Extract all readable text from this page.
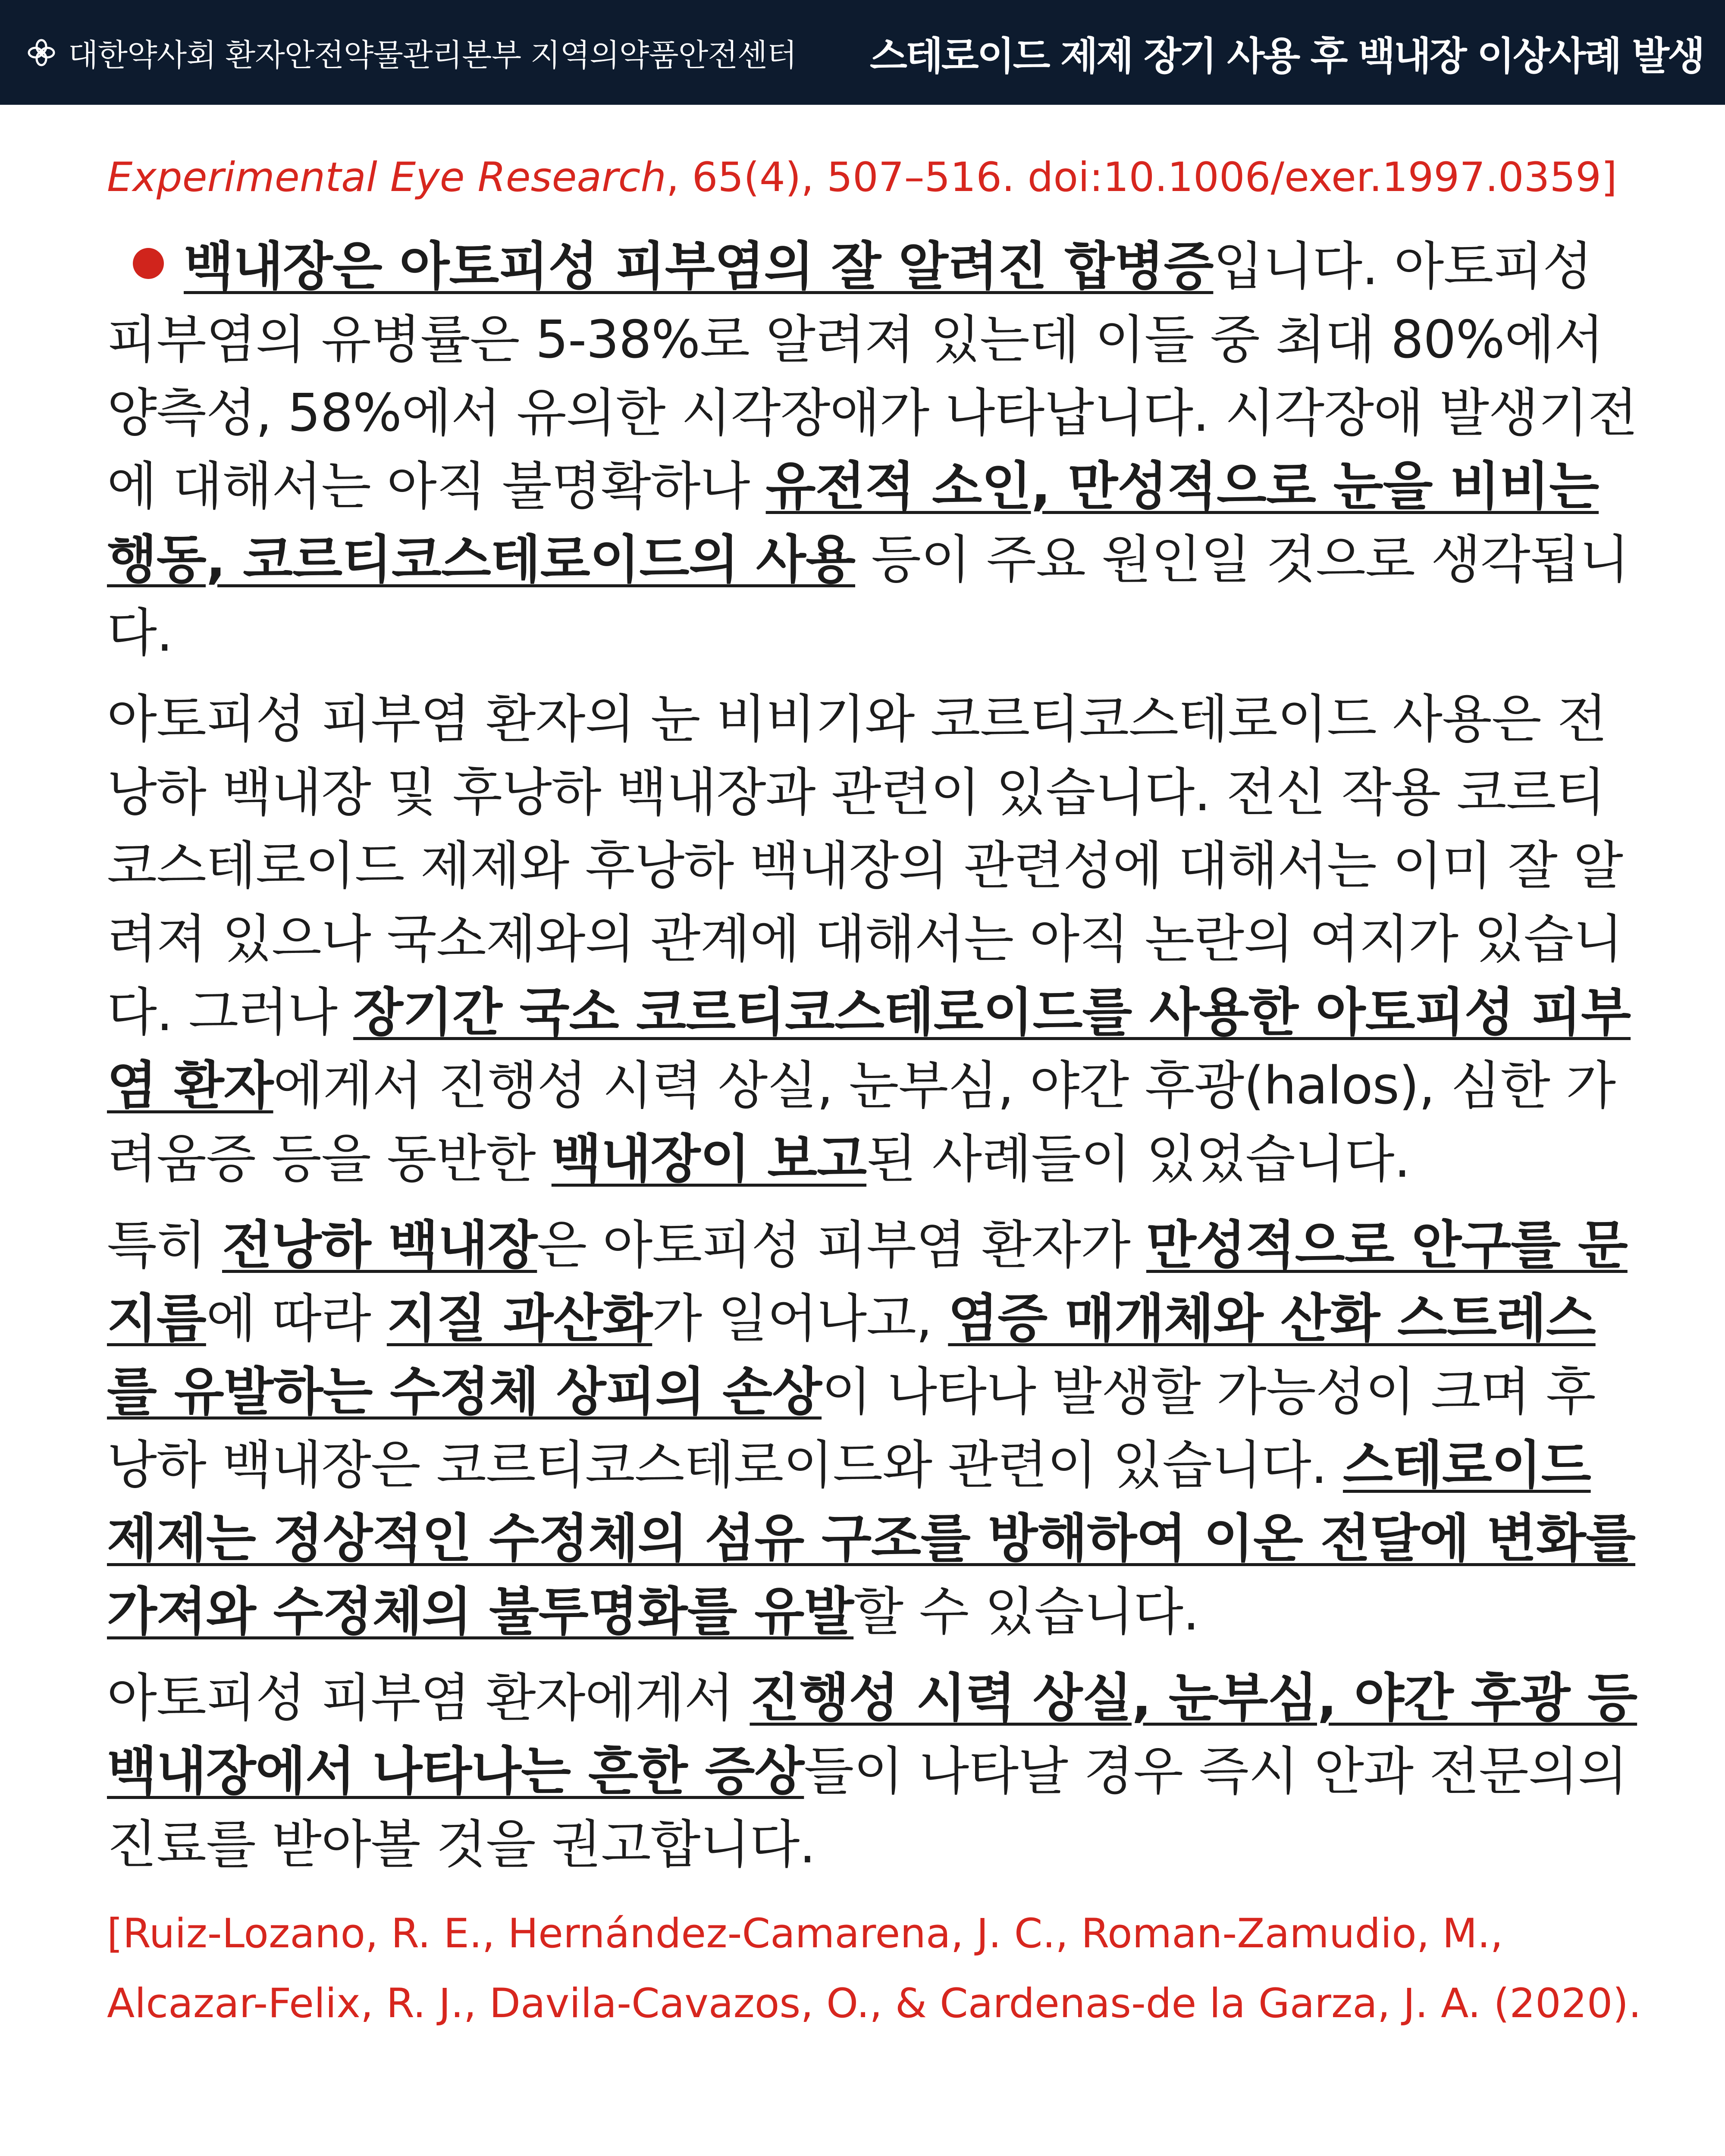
대한약사회 환자안전약물관리본부 지역의약품안전센터 스테로이드 제제 장기 사용 후 백내장 이상사례 발생

Experimental Eye Research, 65(4), 507–516. doi:10.1006/exer.1997.0359]

백내장은 아토피성 피부염의 잘 알려진 합병증입니다. 아토피성 피부염의 유병률은 5-38%로 알려져 있는데 이들 중 최대 80%에서 양측성, 58%에서 유의한 시각장애가 나타납니다. 시각장애 발생기전에 대해서는 아직 불명확하나 유전적 소인, 만성적으로 눈을 비비는 행동, 코르티코스테로이드의 사용 등이 주요 원인일 것으로 생각됩니다.

아토피성 피부염 환자의 눈 비비기와 코르티코스테로이드 사용은 전낭하 백내장 및 후낭하 백내장과 관련이 있습니다. 전신 작용 코르티코스테로이드 제제와 후낭하 백내장의 관련성에 대해서는 이미 잘 알려져 있으나 국소제와의 관계에 대해서는 아직 논란의 여지가 있습니다. 그러나 장기간 국소 코르티코스테로이드를 사용한 아토피성 피부염 환자에게서 진행성 시력 상실, 눈부심, 야간 후광(halos), 심한 가려움증 등을 동반한 백내장이 보고된 사례들이 있었습니다.

특히 전낭하 백내장은 아토피성 피부염 환자가 만성적으로 안구를 문지름에 따라 지질 과산화가 일어나고, 염증 매개체와 산화 스트레스를 유발하는 수정체 상피의 손상이 나타나 발생할 가능성이 크며 후낭하 백내장은 코르티코스테로이드와 관련이 있습니다. 스테로이드 제제는 정상적인 수정체의 섬유 구조를 방해하여 이온 전달에 변화를 가져와 수정체의 불투명화를 유발할 수 있습니다.

아토피성 피부염 환자에게서 진행성 시력 상실, 눈부심, 야간 후광 등 백내장에서 나타나는 흔한 증상들이 나타날 경우 즉시 안과 전문의의 진료를 받아볼 것을 권고합니다.

[Ruiz-Lozano, R. E., Hernández-Camarena, J. C., Roman-Zamudio, M.,
Alcazar-Felix, R. J., Davila-Cavazos, O., & Cardenas-de la Garza, J. A. (2020).
